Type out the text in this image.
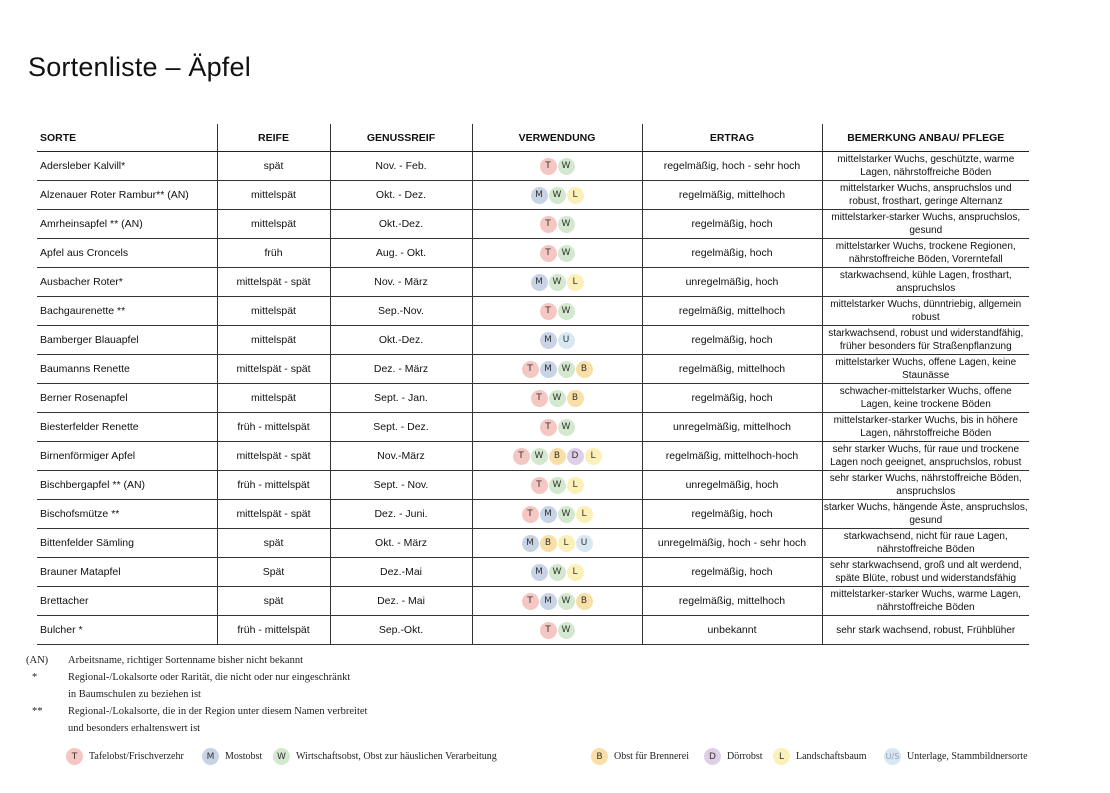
Sortenliste – Äpfel
SORTE	REIFE	GENUSSREIF	VERWENDUNG	ERTRAG	BEMERKUNG ANBAU/ PFLEGE
Adersleber Kalvill*	spät	Nov. - Feb.	T W	regelmäßig, hoch - sehr hoch	mittelstarker Wuchs, geschützte, warme Lagen, nährstoffreiche Böden
Alzenauer Roter Rambur** (AN)	mittelspät	Okt. - Dez.	M W L	regelmäßig, mittelhoch	mittelstarker Wuchs, anspruchslos und robust, frosthart, geringe Alternanz
Amrheinsapfel ** (AN)	mittelspät	Okt.-Dez.	T W	regelmäßig, hoch	mittelstarker-starker Wuchs, anspruchslos, gesund
Apfel aus Croncels	früh	Aug. - Okt.	T W	regelmäßig, hoch	mittelstarker Wuchs, trockene Regionen, nährstoffreiche Böden, Vorerntefall
Ausbacher Roter*	mittelspät - spät	Nov. - März	M W L	unregelmäßig, hoch	starkwachsend, kühle Lagen, frosthart, anspruchslos
Bachgaurenette **	mittelspät	Sep.-Nov.	T W	regelmäßig, mittelhoch	mittelstarker Wuchs, dünntriebig, allgemein robust
Bamberger Blauapfel	mittelspät	Okt.-Dez.	M U	regelmäßig, hoch	starkwachsend, robust und widerstandfähig, früher besonders für Straßenpflanzung
Baumanns Renette	mittelspät - spät	Dez. - März	T M W B	regelmäßig, mittelhoch	mittelstarker Wuchs, offene Lagen, keine Staunässe
Berner Rosenapfel	mittelspät	Sept. - Jan.	T W B	regelmäßig, hoch	schwacher-mittelstarker Wuchs, offene Lagen, keine trockene Böden
Biesterfelder Renette	früh - mittelspät	Sept. - Dez.	T W	unregelmäßig, mittelhoch	mittelstarker-starker Wuchs, bis in höhere Lagen, nährstoffreiche Böden
Birnenförmiger Apfel	mittelspät - spät	Nov.-März	T W B D L	regelmäßig, mittelhoch-hoch	sehr starker Wuchs, für raue und trockene Lagen noch geeignet, anspruchslos, robust
Bischbergapfel ** (AN)	früh - mittelspät	Sept. - Nov.	T W L	unregelmäßig, hoch	sehr starker Wuchs, nährstoffreiche Böden, anspruchslos
Bischofsmütze **	mittelspät - spät	Dez. - Juni.	T M W L	regelmäßig, hoch	starker Wuchs, hängende Äste, anspruchslos, gesund
Bittenfelder Sämling	spät	Okt. - März	M B L U	unregelmäßig, hoch - sehr hoch	starkwachsend, nicht für raue Lagen, nährstoffreiche Böden
Brauner Matapfel	Spät	Dez.-Mai	M W L	regelmäßig, hoch	sehr starkwachsend, groß und alt werdend, späte Blüte, robust und widerstandsfähig
Brettacher	spät	Dez. - Mai	T M W B	regelmäßig, mittelhoch	mittelstarker-starker Wuchs, warme Lagen, nährstoffreiche Böden
Bulcher *	früh - mittelspät	Sep.-Okt.	T W	unbekannt	sehr stark wachsend, robust, Frühblüher
(AN)	Arbeitsname, richtiger Sortenname bisher nicht bekannt
*	Regional-/Lokalsorte oder Rarität, die nicht oder nur eingeschränkt
in Baumschulen zu beziehen ist
**	Regional-/Lokalsorte, die in der Region unter diesem Namen verbreitet
und besonders erhaltenswert ist
T	Tafelobst/Frischverzehr	M	Mostobst	W	Wirtschaftsobst, Obst zur häuslichen Verarbeitung	B	Obst für Brennerei	D	Dörrobst	L	Landschaftsbaum U/S Unterlage, Stammbildnersorte
